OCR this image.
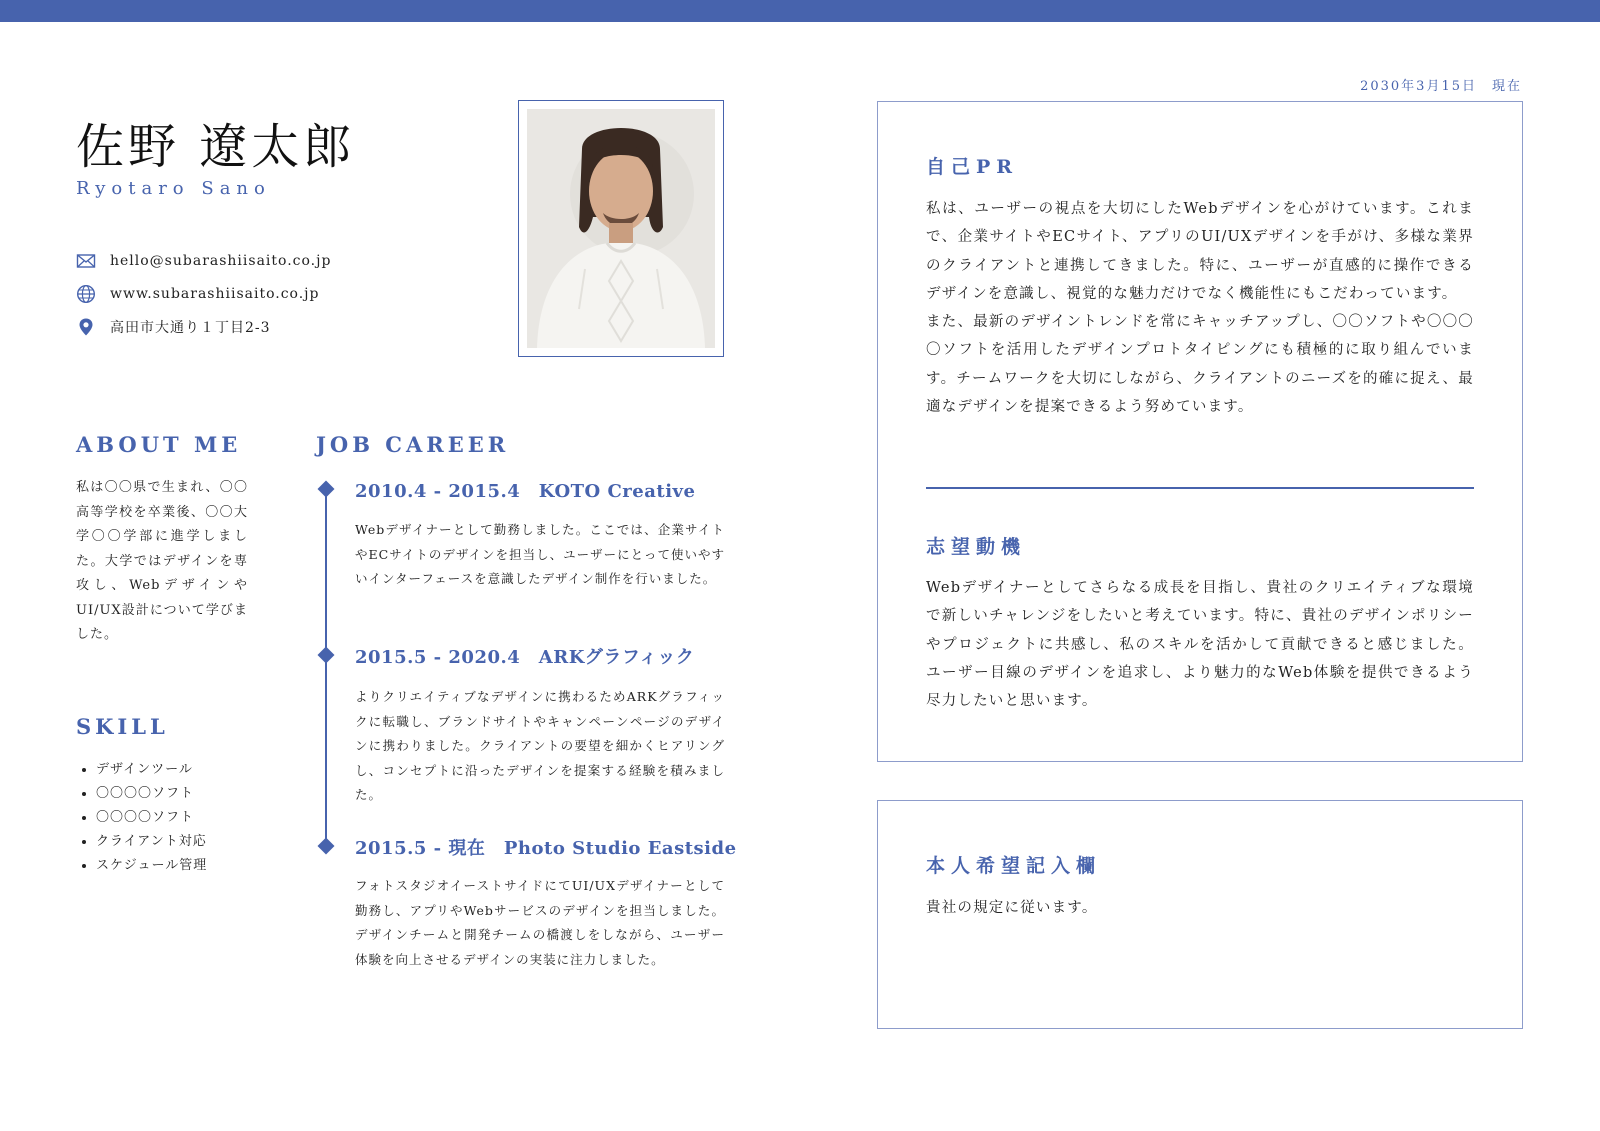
2030年3月15日　現在
佐野 遼太郎
Ryotaro Sano
hello@subarashiisaito.co.jp
www.subarashiisaito.co.jp
高田市大通り１丁目2-3
ABOUT ME

私は〇〇県で生まれ、〇〇高等学校を卒業後、〇〇大学〇〇学部に進学しました。大学ではデザインを専攻し、Webデザインや UI/UX設計について学びました。

SKILL
• デザインツール
• 〇〇〇〇ソフト
• 〇〇〇〇ソフト
• クライアント対応
• スケジュール管理
JOB CAREER
2010.4 - 2015.4　KOTO Creative

Webデザイナーとして勤務しました。ここでは、企業サイトやECサイトのデザインを担当し、ユーザーにとって使いやすいインターフェースを意識したデザイン制作を行いました。

2015.5 - 2020.4　ARKグラフィック

よりクリエイティブなデザインに携わるためARKグラフィックに転職し、ブランドサイトやキャンペーンページのデザインに携わりました。クライアントの要望を細かくヒアリングし、コンセプトに沿ったデザインを提案する経験を積みました。

2015.5 - 現在　Photo Studio Eastside

フォトスタジオイーストサイドにてUI/UXデザイナーとして勤務し、アプリやWebサービスのデザインを担当しました。デザインチームと開発チームの橋渡しをしながら、ユーザー体験を向上させるデザインの実装に注力しました。

自己PR

私は、ユーザーの視点を大切にしたWebデザインを心がけています。これまで、企業サイトやECサイト、アプリのUI/UXデザインを手がけ、多様な業界のクライアントと連携してきました。特に、ユーザーが直感的に操作できるデザインを意識し、視覚的な魅力だけでなく機能性にもこだわっています。
また、最新のデザイントレンドを常にキャッチアップし、〇〇ソフトや〇〇〇〇ソフトを活用したデザインプロトタイピングにも積極的に取り組んでいます。チームワークを大切にしながら、クライアントのニーズを的確に捉え、最適なデザインを提案できるよう努めています。

志望動機

Webデザイナーとしてさらなる成長を目指し、貴社のクリエイティブな環境で新しいチャレンジをしたいと考えています。特に、貴社のデザインポリシーやプロジェクトに共感し、私のスキルを活かして貢献できると感じました。ユーザー目線のデザインを追求し、より魅力的なWeb体験を提供できるよう尽力したいと思います。

本人希望記入欄

貴社の規定に従います。
